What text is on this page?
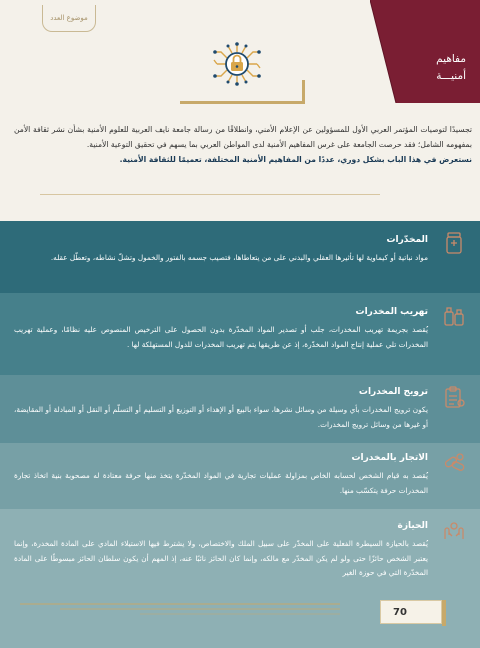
موضوع العدد
مفاهيم
أمنيـــة
تجسيدًا لتوصيات المؤتمر العربي الأول للمسؤولين عن الإعلام الأمني، وانطلاقًا من رسالة جامعة نايف العربية للعلوم الأمنية بشأن نشر ثقافة الأمن بمفهومه الشامل؛ فقد حرصت الجامعة على غرس المفاهيم الأمنية لدى المواطن العربي بما يسهم في تحقيق التوعية الأمنية.
نستعرض في هذا الباب بشكل دوري، عددًا من المفاهيم الأمنية المختلفة، تعميمًا للثقافة الأمنية.
المخدّرات
مواد نباتية أو كيماوية لها تأثيرها العقلي والبدني على من يتعاطاها، فتصيب جسمه بالفتور والخمول وتشلّ نشاطه، وتعطّل عقله.
تهريب المخدرات
يُقصد بجريمة تهريب المخدرات، جلب أو تصدير المواد المخدّرة بدون الحصول على الترخيص المنصوص عليه نظامًا، وعملية تهريب المخدرات تلي عملية إنتاج المواد المخدّرة، إذ عن طريقها يتم تهريب المخدرات للدول المستهلكة لها .
ترويج المخدرات
يكون ترويج المخدرات بأي وسيلة من وسائل نشرها، سواء بالبيع أو الإهداء أو التوزيع أو التسليم أو التسلّم أو النقل أو المبادلة أو المقايضة، أو غيرها من وسائل ترويج المخدرات.
الاتجار بالمخدرات
يُقصد به قيام الشخص لحسابه الخاص بمزاولة عمليات تجارية في المواد المخدّرة يتخذ منها حرفة معتادة له مصحوبة بنية اتخاذ تجارة المخدرات حرفة يتكسّب منها.
الحيازة
يُقصد بالحيازة السيطرة الفعلية على المخدّر على سبيل الملك والاختصاص، ولا يشترط فيها الاستيلاء المادي على المادة المخدرة، وإنما يعتبر الشخص حائزًا حتى ولو لم يكن المخدّر مع مالكه، وإنما كان الحائز نائبًا عنه، إذ المهم أن يكون سلطان الحائز مبسوطًا على المادة المخدّرة التي في حوزة الغير
70
